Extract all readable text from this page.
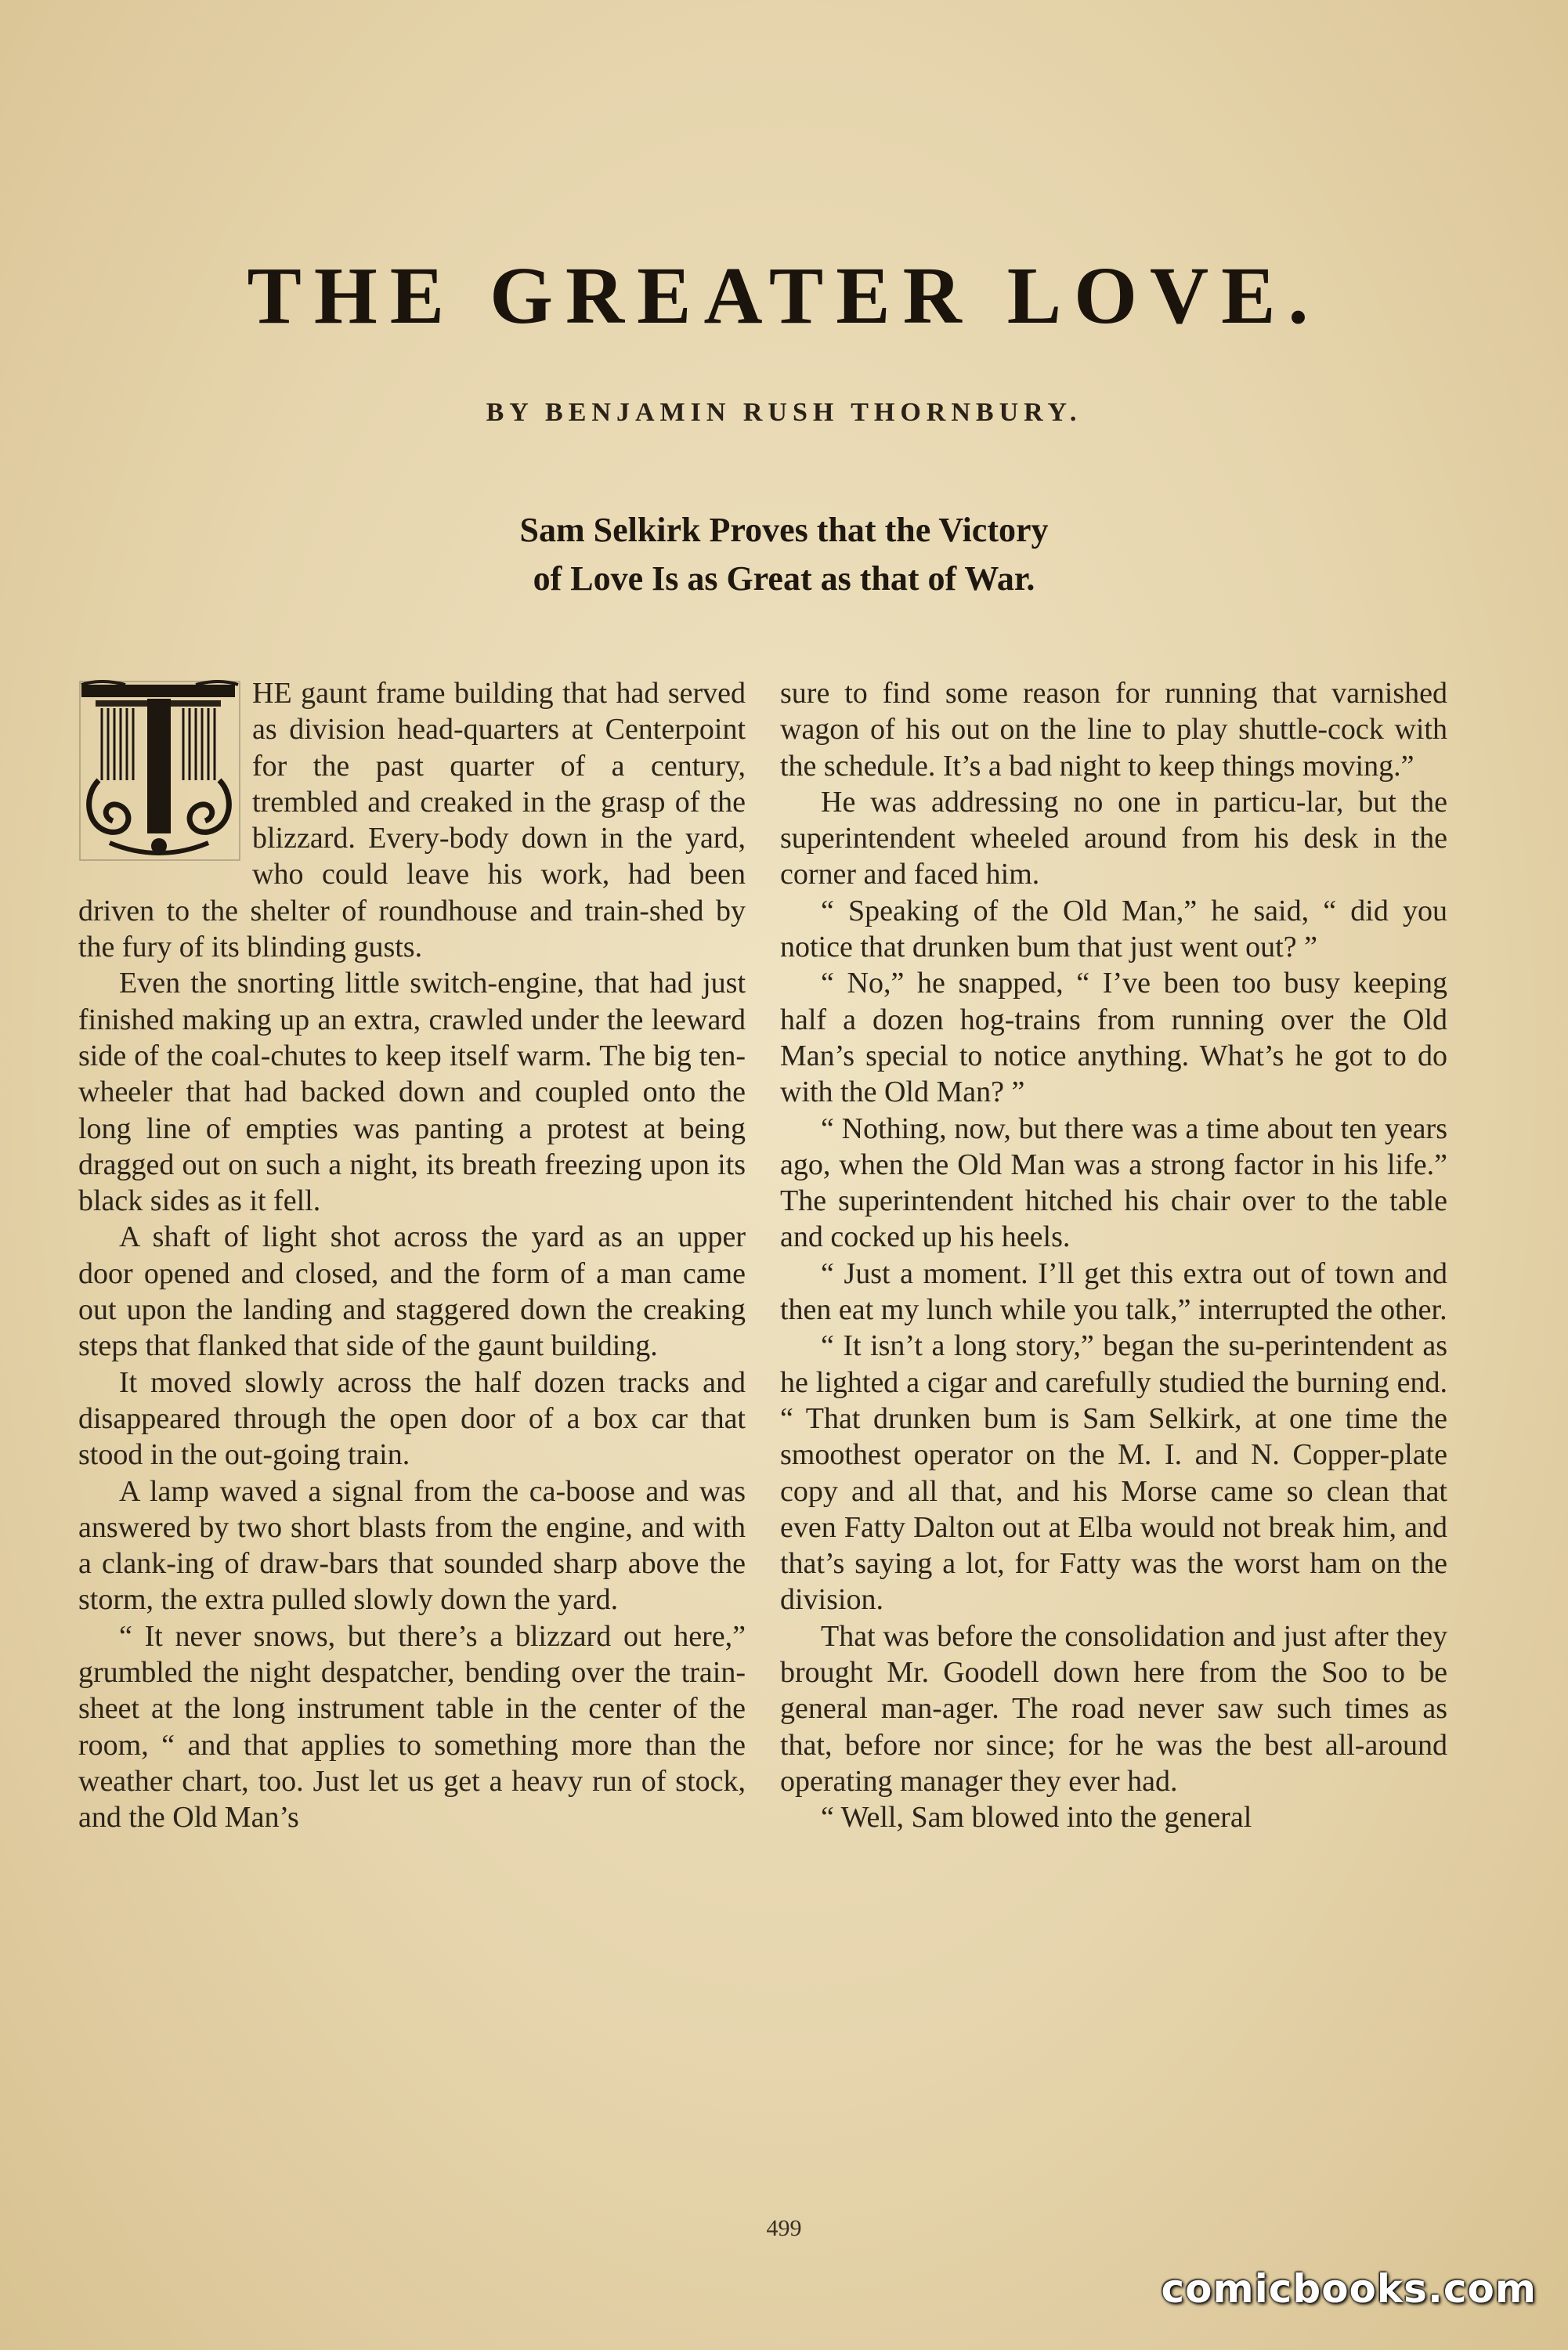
THE GREATER LOVE.
BY BENJAMIN RUSH THORNBURY.
Sam Selkirk Proves that the Victory
of Love Is as Great as that of War.

HE gaunt frame building that had served as division head-quarters at Centerpoint for the past quarter of a century, trembled and creaked in the grasp of the blizzard. Every-body down in the yard, who could leave his work, had been driven to the shelter of roundhouse and train-shed by the fury of its blinding gusts.

Even the snorting little switch-engine, that had just finished making up an extra, crawled under the leeward side of the coal-chutes to keep itself warm. The big ten-wheeler that had backed down and coupled onto the long line of empties was panting a protest at being dragged out on such a night, its breath freezing upon its black sides as it fell.

A shaft of light shot across the yard as an upper door opened and closed, and the form of a man came out upon the landing and staggered down the creaking steps that flanked that side of the gaunt building.

It moved slowly across the half dozen tracks and disappeared through the open door of a box car that stood in the out-going train.

A lamp waved a signal from the ca-boose and was answered by two short blasts from the engine, and with a clank-ing of draw-bars that sounded sharp above the storm, the extra pulled slowly down the yard.

“ It never snows, but there’s a blizzard out here,” grumbled the night despatcher, bending over the train-sheet at the long instrument table in the center of the room, “ and that applies to something more than the weather chart, too. Just let us get a heavy run of stock, and the Old Man’s

sure to find some reason for running that varnished wagon of his out on the line to play shuttle-cock with the schedule. It’s a bad night to keep things moving.”

He was addressing no one in particu-lar, but the superintendent wheeled around from his desk in the corner and faced him.

“ Speaking of the Old Man,” he said, “ did you notice that drunken bum that just went out? ”

“ No,” he snapped, “ I’ve been too busy keeping half a dozen hog-trains from running over the Old Man’s special to notice anything. What’s he got to do with the Old Man? ”

“ Nothing, now, but there was a time about ten years ago, when the Old Man was a strong factor in his life.” The superintendent hitched his chair over to the table and cocked up his heels.

“ Just a moment. I’ll get this extra out of town and then eat my lunch while you talk,” interrupted the other.

“ It isn’t a long story,” began the su-perintendent as he lighted a cigar and carefully studied the burning end. “ That drunken bum is Sam Selkirk, at one time the smoothest operator on the M. I. and N. Copper-plate copy and all that, and his Morse came so clean that even Fatty Dalton out at Elba would not break him, and that’s saying a lot, for Fatty was the worst ham on the division.

That was before the consolidation and just after they brought Mr. Goodell down here from the Soo to be general man-ager. The road never saw such times as that, before nor since; for he was the best all-around operating manager they ever had.

“ Well, Sam blowed into the general

499
comicbooks.com
